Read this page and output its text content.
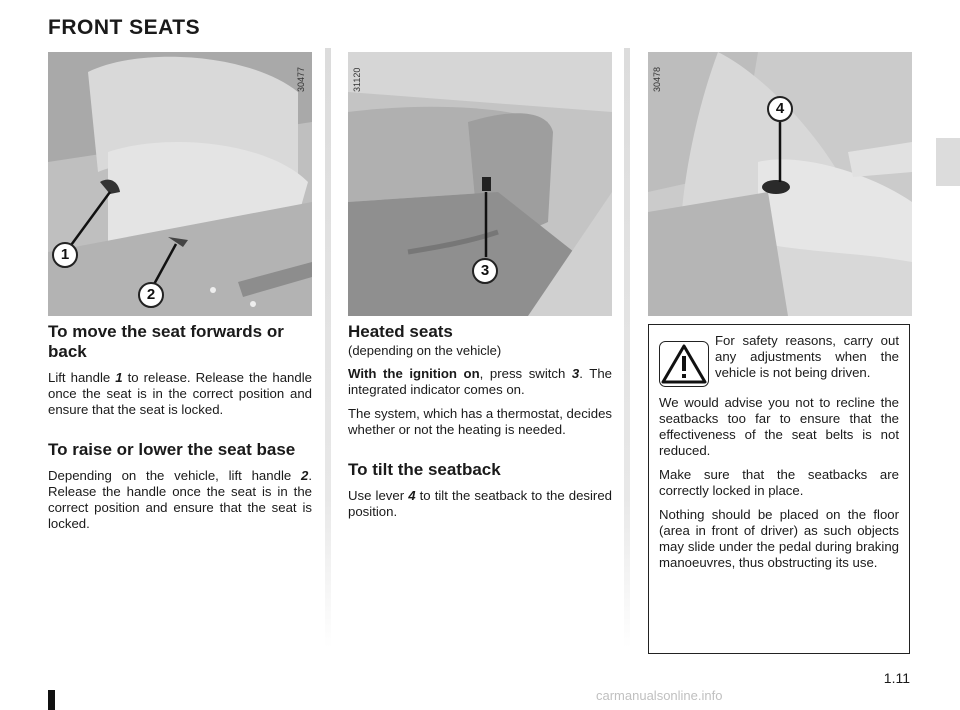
FRONT SEATS
30477
1
2
31120
3
30478
4
To move the seat forwards or back

Lift handle 1 to release. Release the handle once the seat is in the correct position and ensure that the seat is locked.

To raise or lower the seat base

Depending on the vehicle, lift handle 2. Release the handle once the seat is in the correct position and ensure that the seat is locked.

Heated seats
(depending on the vehicle)

With the ignition on, press switch 3. The integrated indicator comes on.

The system, which has a thermostat, decides whether or not the heating is needed.

To tilt the seatback

Use lever 4 to tilt the seatback to the desired position.

For safety reasons, carry out any adjustments when the vehicle is not being driven.

We would advise you not to recline the seatbacks too far to ensure that the effectiveness of the seat belts is not reduced.

Make sure that the seatbacks are correctly locked in place.

Nothing should be placed on the floor (area in front of driver) as such objects may slide under the pedal during braking manoeuvres, thus obstructing its use.

1.11
carmanualsonline.info
